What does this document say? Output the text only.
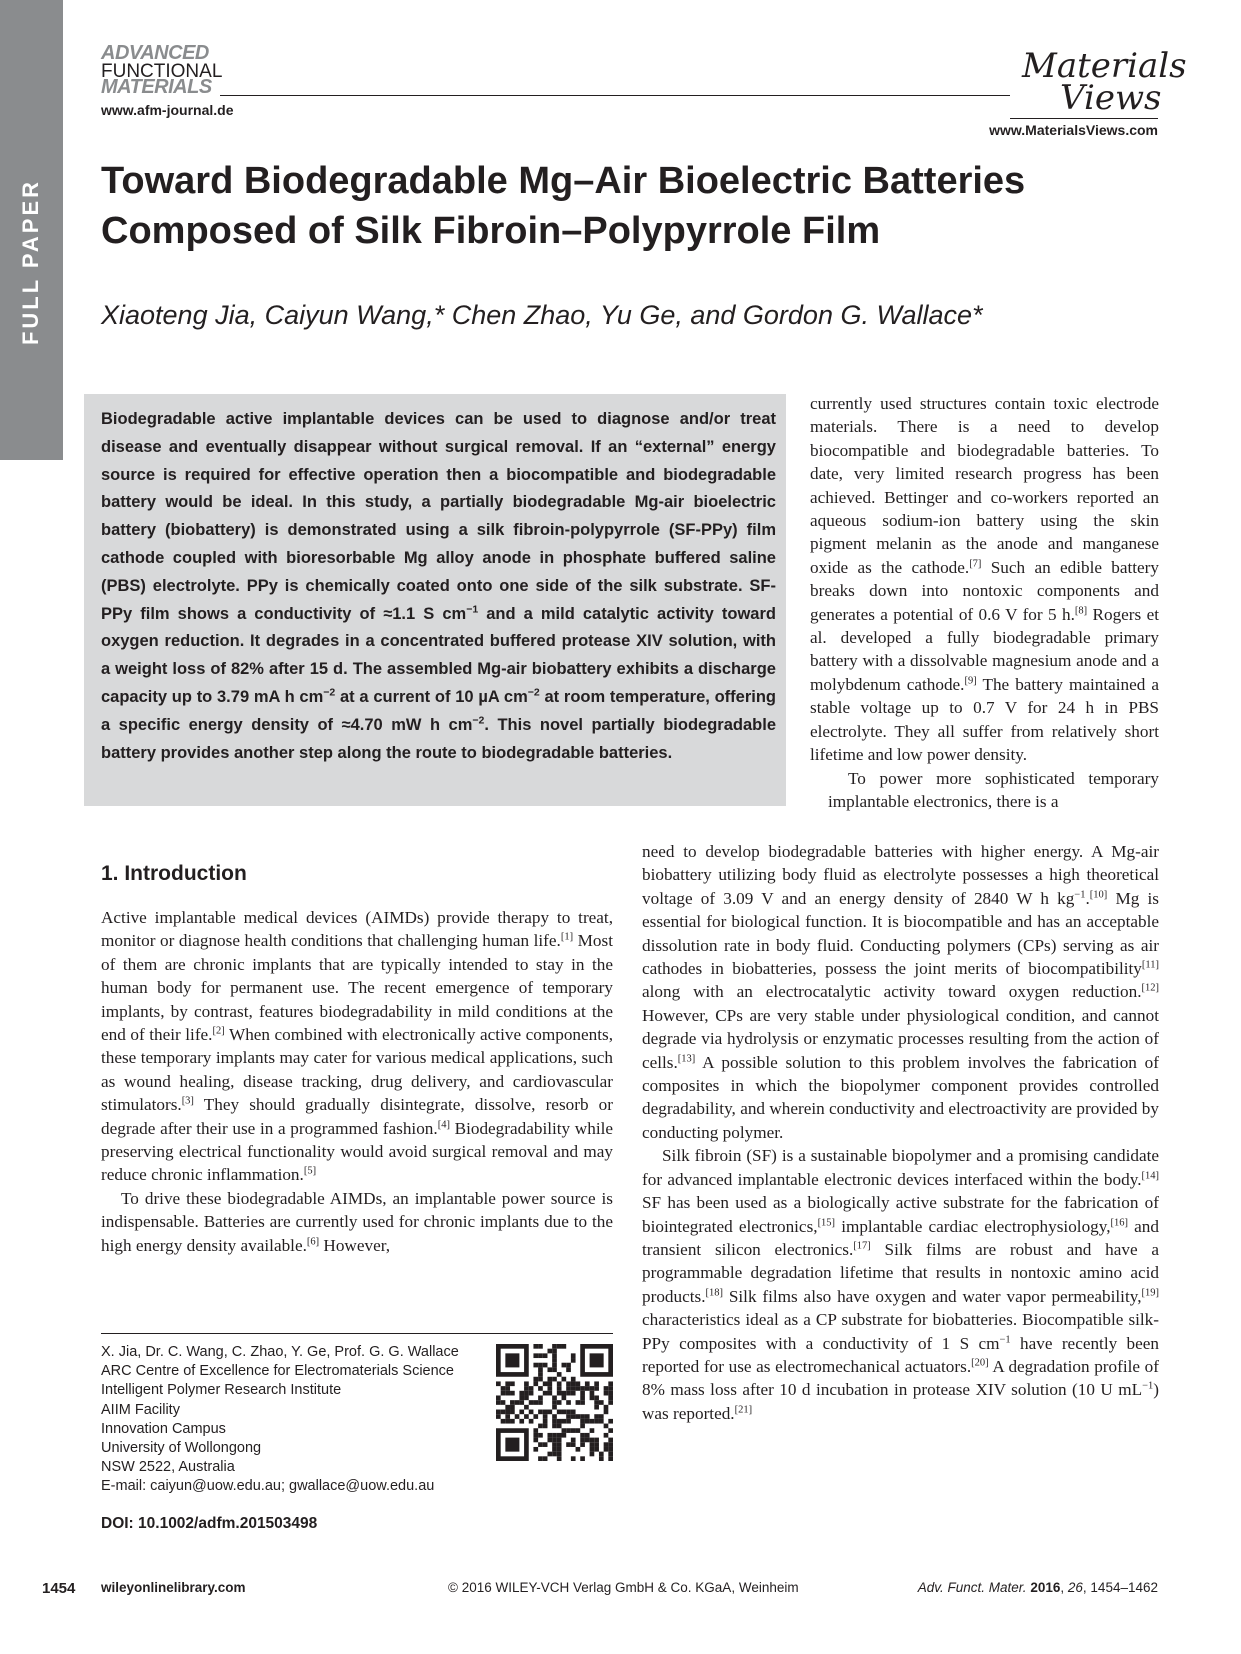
FULL PAPER
ADVANCED
FUNCTIONAL
MATERIALS
www.afm-journal.de
Materials
Views
www.MaterialsViews.com
Toward Biodegradable Mg–Air Bioelectric Batteries
Composed of Silk Fibroin–Polypyrrole Film
Xiaoteng Jia, Caiyun Wang,* Chen Zhao, Yu Ge, and Gordon G. Wallace*
Biodegradable active implantable devices can be used to diagnose and/or treat disease and eventually disappear without surgical removal. If an “external” energy source is required for effective operation then a biocompatible and biodegradable battery would be ideal. In this study, a partially biodegradable Mg-air bioelectric battery (biobattery) is demonstrated using a silk fibroin-polypyrrole (SF-PPy) film cathode coupled with bioresorbable Mg alloy anode in phosphate buffered saline (PBS) electrolyte. PPy is chemically coated onto one side of the silk substrate. SF-PPy film shows a conductivity of ≈1.1 S $cm^{-1}$ and a mild catalytic activity toward oxygen reduction. It degrades in a concentrated buffered protease XIV solution, with a weight loss of 82% after 15 d. The assembled Mg-air biobattery exhibits a discharge capacity up to 3.79 mA h $cm^{-2}$ at a current of 10 µA $cm^{-2}$ at room temperature, offering a specific energy density of ≈4.70 mW h $cm^{-2}$. This novel partially biodegradable battery provides another step along the route to biodegradable batteries.

currently used structures contain toxic electrode materials. There is a need to develop biocompatible and biodegradable batteries. To date, very limited research progress has been achieved. Bettinger and co-workers reported an aqueous sodium-ion battery using the skin pigment melanin as the anode and manganese oxide as the cathode.[7] Such an edible battery breaks down into nontoxic components and generates a potential of 0.6 V for 5 h.[8] Rogers et al. developed a fully biodegradable primary battery with a dissolvable magnesium anode and a molybdenum cathode.[9] The battery maintained a stable voltage up to 0.7 V for 24 h in PBS electrolyte. They all suffer from relatively short lifetime and low power density.

To power more sophisticated temporary implantable electronics, there is a

need to develop biodegradable batteries with higher energy. A Mg-air biobattery utilizing body fluid as electrolyte possesses a high theoretical voltage of 3.09 V and an energy density of 2840 W h $kg^{-1}.[10]$ Mg is essential for biological function. It is biocompatible and has an acceptable dissolution rate in body fluid. Conducting polymers (CPs) serving as air cathodes in biobatteries, possess the joint merits of biocompatibility[11] along with an electrocatalytic activity toward oxygen reduction.[12] However, CPs are very stable under physiological condition, and cannot degrade via hydrolysis or enzymatic processes resulting from the action of cells.[13] A possible solution to this problem involves the fabrication of composites in which the biopolymer component provides controlled degradability, and wherein conductivity and electroactivity are provided by conducting polymer.

Silk fibroin (SF) is a sustainable biopolymer and a promising candidate for advanced implantable electronic devices interfaced within the body.[14] SF has been used as a biologically active substrate for the fabrication of biointegrated electronics,[15] implantable cardiac electrophysiology,[16] and transient silicon electronics.[17] Silk films are robust and have a programmable degradation lifetime that results in nontoxic amino acid products.[18] Silk films also have oxygen and water vapor permeability,[19] characteristics ideal as a CP substrate for biobatteries. Biocompatible silk-PPy composites with a conductivity of 1 S $cm^{-1}$ have recently been reported for use as electromechanical actuators.[20] A degradation profile of 8% mass loss after 10 d incubation in protease XIV solution (10 U $mL^{-1}$) was reported.[21]

1. Introduction

Active implantable medical devices (AIMDs) provide therapy to treat, monitor or diagnose health conditions that challenging human life.[1] Most of them are chronic implants that are typically intended to stay in the human body for permanent use. The recent emergence of temporary implants, by contrast, features biodegradability in mild conditions at the end of their life.[2] When combined with electronically active components, these temporary implants may cater for various medical applications, such as wound healing, disease tracking, drug delivery, and cardiovascular stimulators.[3] They should gradually disintegrate, dissolve, resorb or degrade after their use in a programmed fashion.[4] Biodegradability while preserving electrical functionality would avoid surgical removal and may reduce chronic inflammation.[5]

To drive these biodegradable AIMDs, an implantable power source is indispensable. Batteries are currently used for chronic implants due to the high energy density available.[6] However,

X. Jia, Dr. C. Wang, C. Zhao, Y. Ge, Prof. G. G. Wallace
ARC Centre of Excellence for Electromaterials Science
Intelligent Polymer Research Institute
AIIM Facility
Innovation Campus
University of Wollongong
NSW 2522, Australia
E-mail: caiyun@uow.edu.au; gwallace@uow.edu.au
DOI: 10.1002/adfm.201503498
1454 wileyonlinelibrary.com	© 2016 WILEY-VCH Verlag GmbH & Co. KGaA, Weinheim	Adv. Funct. Mater. 2016, 26, 1454–1462
